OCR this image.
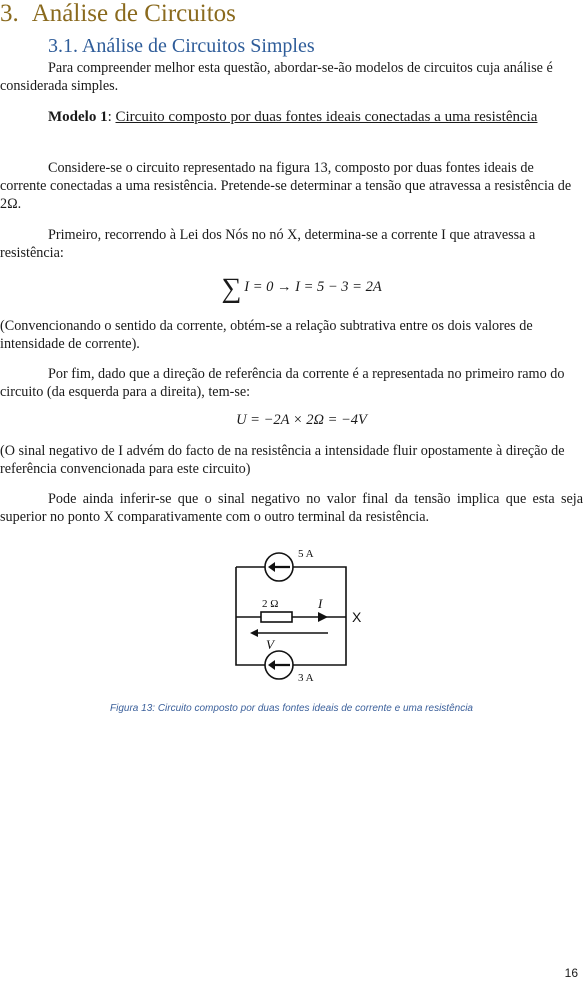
3. Análise de Circuitos
3.1. Análise de Circuitos Simples

Para compreender melhor esta questão, abordar-se-ão modelos de circuitos cuja análise é considerada simples.

Modelo 1: Circuito composto por duas fontes ideais conectadas a uma resistência

Considere-se o circuito representado na figura 13, composto por duas fontes ideais de corrente conectadas a uma resistência. Pretende-se determinar a tensão que atravessa a resistência de 2Ω.

Primeiro, recorrendo à Lei dos Nós no nó X, determina-se a corrente I que atravessa a resistência:

∑ I = 0 → I = 5 − 3 = 2A

(Convencionando o sentido da corrente, obtém-se a relação subtrativa entre os dois valores de intensidade de corrente).

Por fim, dado que a direção de referência da corrente é a representada no primeiro ramo do circuito (da esquerda para a direita), tem-se:

U = −2A × 2Ω = −4V

(O sinal negativo de I advém do facto de na resistência a intensidade fluir opostamente à direção de referência convencionada para este circuito)

Pode ainda inferir-se que o sinal negativo no valor final da tensão implica que esta seja superior no ponto X comparativamente com o outro terminal da resistência.

5 A
2 Ω	I
X
V
3 A
Figura 13: Circuito composto por duas fontes ideais de corrente e uma resistência
16
